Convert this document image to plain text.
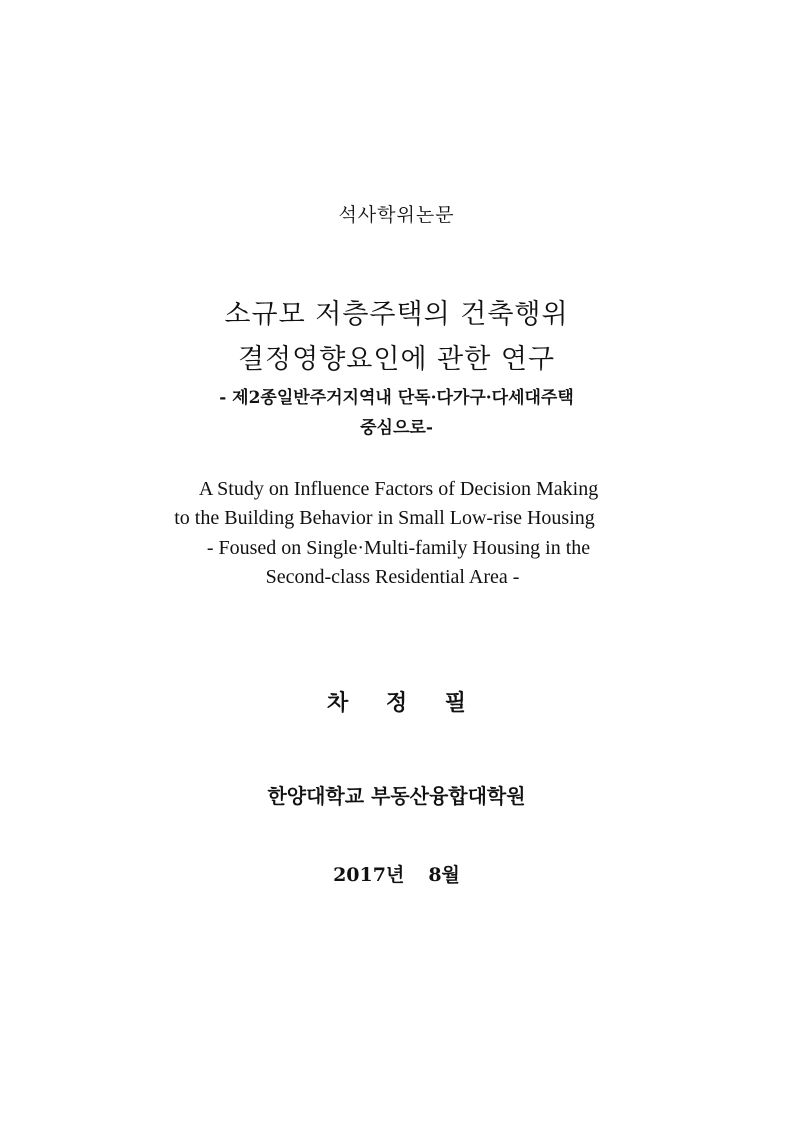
석사학위논문
소규모 저층주택의 건축행위
결정영향요인에 관한 연구
- 제2종일반주거지역내 단독·다가구·다세대주택
중심으로-
A Study on Influence Factors of Decision Making
to the Building Behavior in Small Low-rise Housing
- Foused on Single·Multi-family Housing in the
Second-class Residential Area -
차 정 필
한양대학교 부동산융합대학원
2017년 8월
